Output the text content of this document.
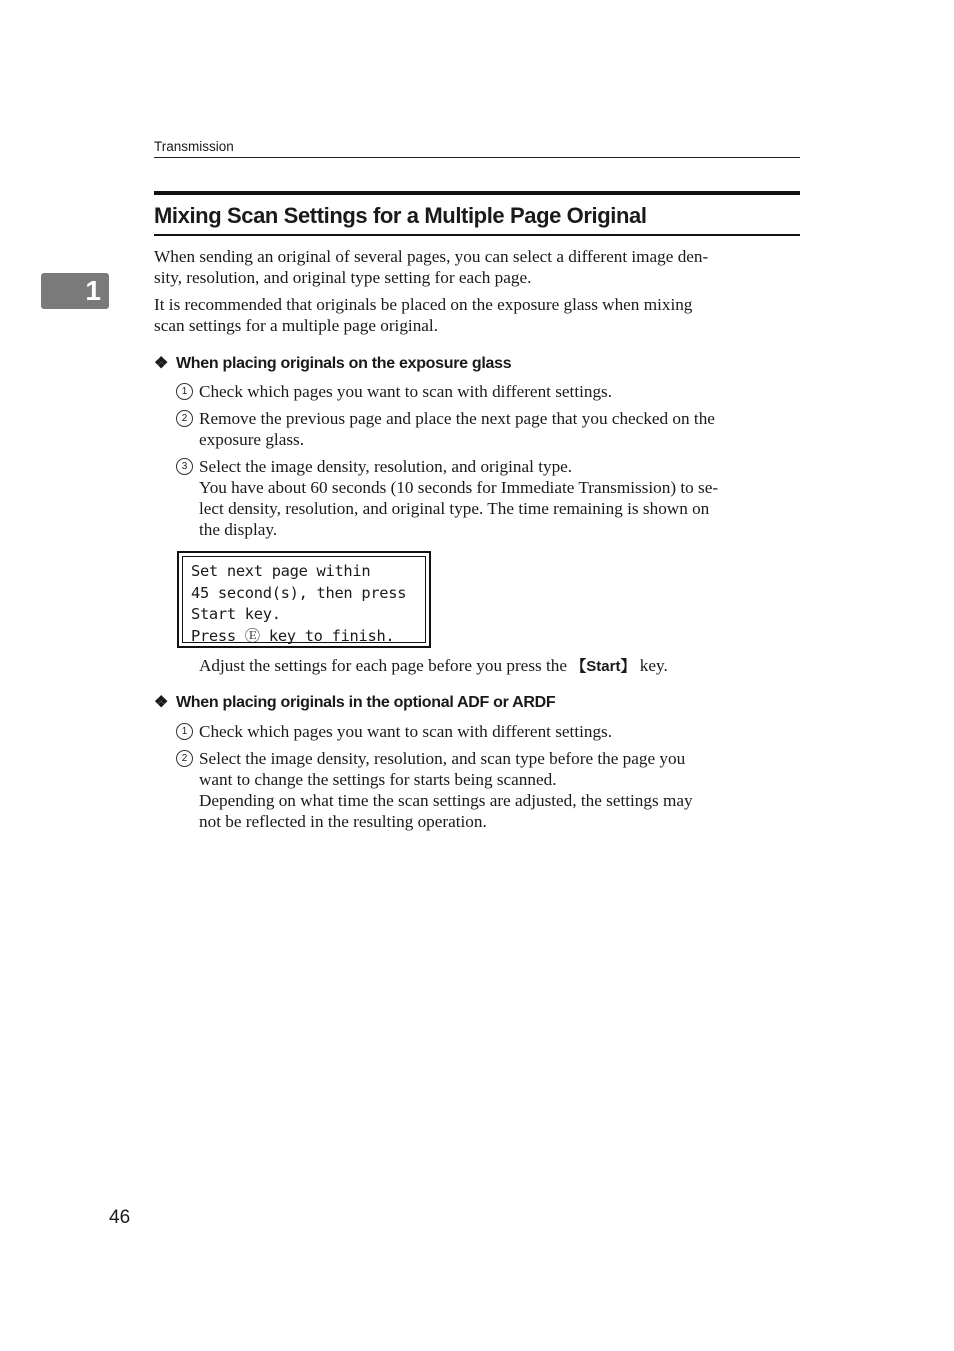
Transmission
1
Mixing Scan Settings for a Multiple Page Original
When sending an original of several pages, you can select a different image den-
sity, resolution, and original type setting for each page.
It is recommended that originals be placed on the exposure glass when mixing
scan settings for a multiple page original.
❖ When placing originals on the exposure glass
1 Check which pages you want to scan with different settings.
2 Remove the previous page and place the next page that you checked on the
exposure glass.
3 Select the image density, resolution, and original type.
You have about 60 seconds (10 seconds for Immediate Transmission) to se-
lect density, resolution, and original type. The time remaining is shown on
the display.
Set next page within
45 second(s), then press
Start key.
Press Ⓔ key to finish.
Adjust the settings for each page before you press the 【Start】 key.
❖ When placing originals in the optional ADF or ARDF
1 Check which pages you want to scan with different settings.
2 Select the image density, resolution, and scan type before the page you
want to change the settings for starts being scanned.
Depending on what time the scan settings are adjusted, the settings may
not be reflected in the resulting operation.
46
